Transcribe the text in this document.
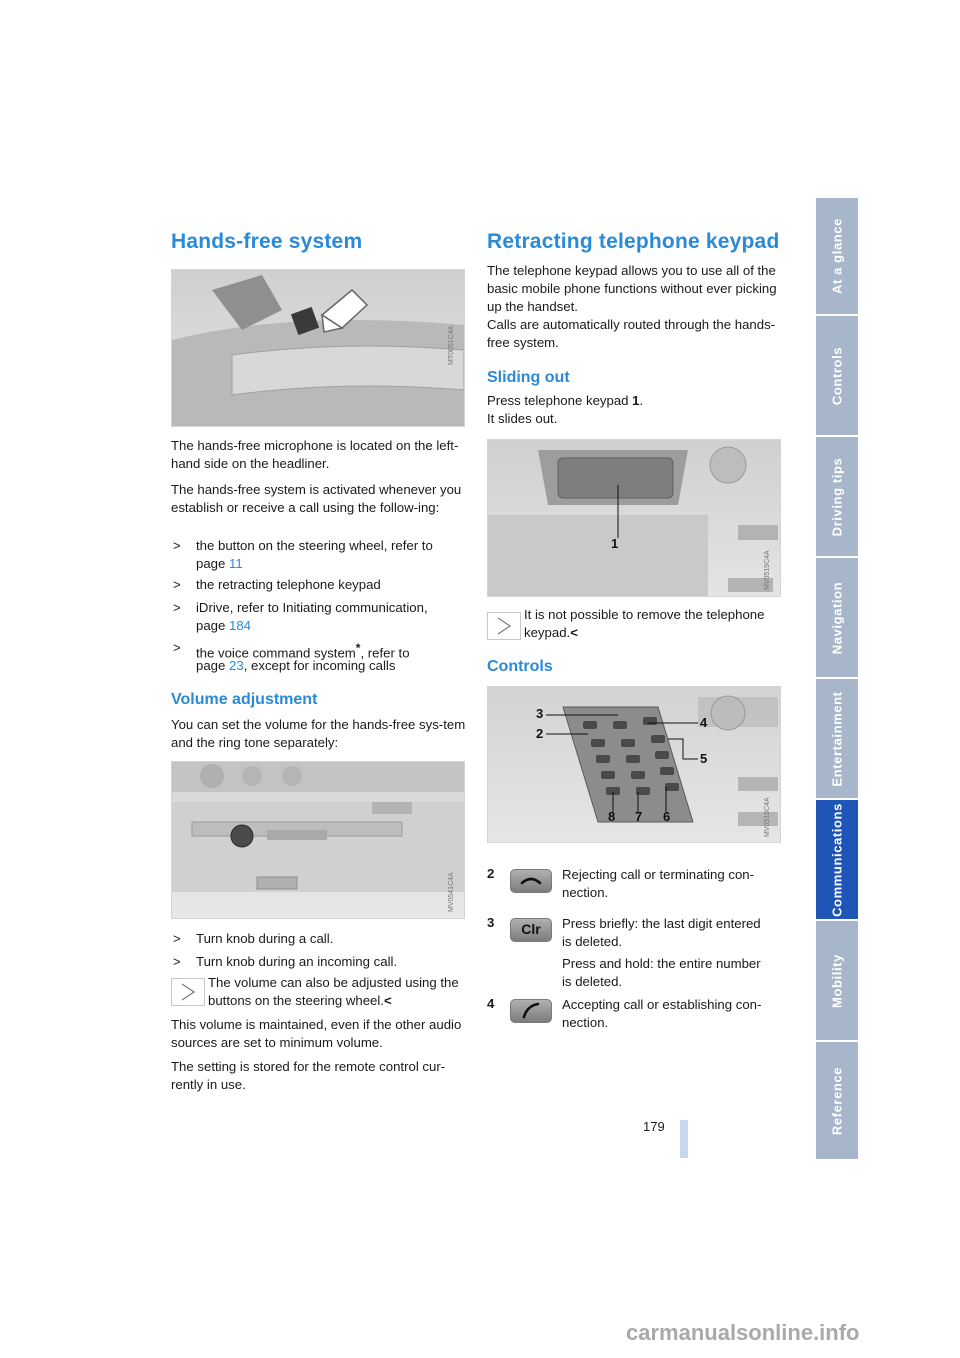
At a glance
Controls
Driving tips
Navigation
Entertainment
Communications
Mobility
Reference
Hands-free system
MT0051C4A

The hands-free microphone is located on the left-hand side on the headliner.

The hands-free system is activated whenever you establish or receive a call using the follow-ing:

> the button on the steering wheel, refer to
page 11
> the retracting telephone keypad
> iDrive, refer to Initiating communication,
page 184
> the voice command system*, refer to
page 23, except for incoming calls
Volume adjustment

You can set the volume for the hands-free sys-tem and the ring tone separately:

MV0541C4A
> Turn knob during a call.
> Turn knob during an incoming call.

The volume can also be adjusted using the buttons on the steering wheel.<

This volume is maintained, even if the other audio sources are set to minimum volume.

The setting is stored for the remote control cur-rently in use.

Retracting telephone keypad

The telephone keypad allows you to use all of the basic mobile phone functions without ever picking up the handset.

Calls are automatically routed through the hands-free system.

Sliding out

Press telephone keypad 1.

It slides out.

1
MV0519C4A

It is not possible to remove the telephone keypad.<

Controls
3
2
4
5
8 7 6	MV0518C4A
2	Rejecting call or terminating con-
nection.

3	Clr	Press briefly: the last digit entered
is deleted.

Press and hold: the entire number
is deleted.

4	Accepting call or establishing con-
nection.

179
carmanualsonline.info
